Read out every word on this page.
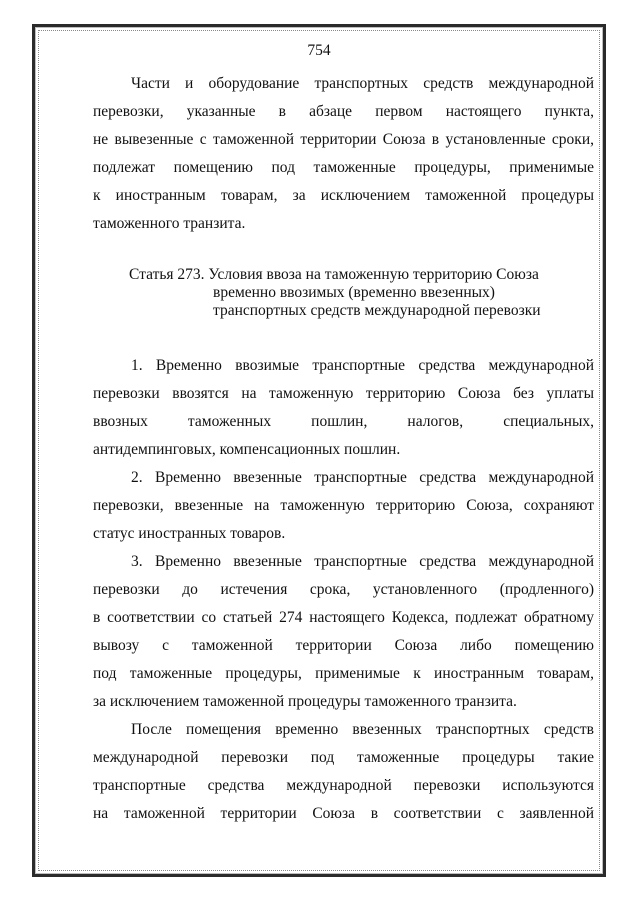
754

Части и оборудование транспортных средств международной

перевозки, указанные в абзаце первом настоящего пункта,

не вывезенные с таможенной территории Союза в установленные сроки,

подлежат помещению под таможенные процедуры, применимые

к иностранным товарам, за исключением таможенной процедуры

таможенного транзита.

Статья 273. Условия ввоза на таможенную территорию Союза
временно ввозимых (временно ввезенных)
транспортных средств международной перевозки

1. Временно ввозимые транспортные средства международной

перевозки ввозятся на таможенную территорию Союза без уплаты

ввозных таможенных пошлин, налогов, специальных,

антидемпинговых, компенсационных пошлин.

2. Временно ввезенные транспортные средства международной

перевозки, ввезенные на таможенную территорию Союза, сохраняют

статус иностранных товаров.

3. Временно ввезенные транспортные средства международной

перевозки до истечения срока, установленного (продленного)

в соответствии со статьей 274 настоящего Кодекса, подлежат обратному

вывозу с таможенной территории Союза либо помещению

под таможенные процедуры, применимые к иностранным товарам,

за исключением таможенной процедуры таможенного транзита.

После помещения временно ввезенных транспортных средств

международной перевозки под таможенные процедуры такие

транспортные средства международной перевозки используются

на таможенной территории Союза в соответствии с заявленной
